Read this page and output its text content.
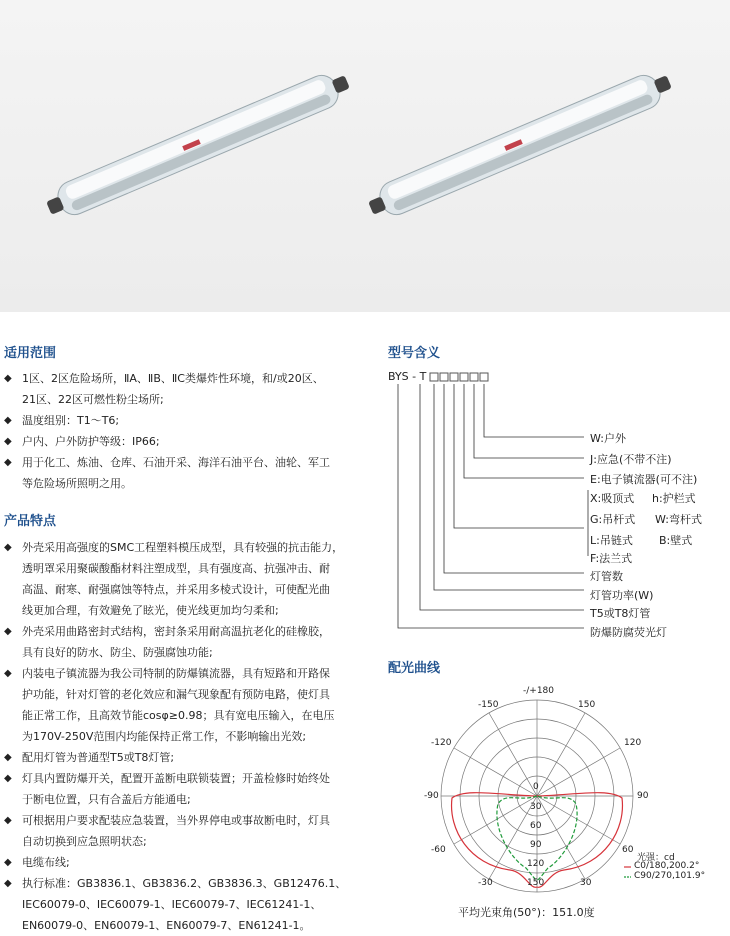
适用范围
◆ 1区、2区危险场所，ⅡA、ⅡB、ⅡC类爆炸性环境，和/或20区、
21区、22区可燃性粉尘场所;
◆ 温度组别：T1～T6;
◆ 户内、户外防护等级：IP66;
◆ 用于化工、炼油、仓库、石油开采、海洋石油平台、油轮、军工
等危险场所照明之用。
产品特点
◆ 外壳采用高强度的SMC工程塑料模压成型，具有较强的抗击能力，
透明罩采用聚碳酸酯材料注塑成型，具有强度高、抗强冲击、耐
高温、耐寒、耐强腐蚀等特点，并采用多棱式设计，可使配光曲
线更加合理，有效避免了眩光，使光线更加均匀柔和;
◆ 外壳采用曲路密封式结构，密封条采用耐高温抗老化的硅橡胶，
具有良好的防水、防尘、防强腐蚀功能;
◆ 内装电子镇流器为我公司特制的防爆镇流器，具有短路和开路保
护功能，针对灯管的老化效应和漏气现象配有预防电路，使灯具
能正常工作，且高效节能cosφ≥0.98；具有宽电压输入，在电压
为170V-250V范围内均能保持正常工作，不影响输出光效;
◆ 配用灯管为普通型T5或T8灯管;
◆ 灯具内置防爆开关，配置开盖断电联锁装置；开盖检修时始终处
于断电位置，只有合盖后方能通电;
◆ 可根据用户要求配装应急装置，当外界停电或事故断电时，灯具
自动切换到应急照明状态;
◆ 电缆布线;
◆ 执行标准：GB3836.1、GB3836.2、GB3836.3、GB12476.1、
IEC60079-0、IEC60079-1、IEC60079-7、IEC61241-1、
EN60079-0、EN60079-1、EN60079-7、EN61241-1。
型号含义
BYS - T
W:户外
J:应急(不带不注)
E:电子镇流器(可不注)
X:吸顶式 h:护栏式
G:吊杆式 W:弯杆式
L:吊链式 B:壁式
F:法兰式
灯管数
灯管功率(W)
T5或T8灯管
防爆防腐荧光灯
配光曲线
-/+180
-150	150
-120	120
-90	90
-60	60
-30	30
0
30
60
90
120
150
光强：cd
C0/180,200.2°
C90/270,101.9°
平均光束角(50°)：151.0度
